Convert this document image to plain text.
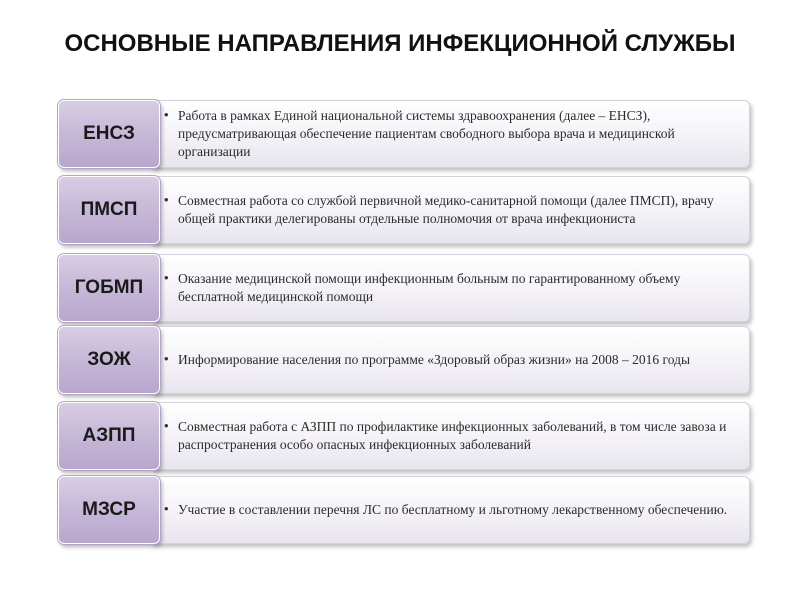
ОСНОВНЫЕ НАПРАВЛЕНИЯ ИНФЕКЦИОННОЙ СЛУЖБЫ
• Работа в рамках Единой национальной системы здравоохранения (далее – ЕНСЗ), предусматривающая обеспечение пациентам свободного выбора врача и медицинской организации
ЕНСЗ
• Совместная работа со службой первичной медико-санитарной помощи (далее ПМСП), врачу общей практики делегированы отдельные полномочия от врача инфекциониста
ПМСП
• Оказание медицинской помощи инфекционным больным по гарантированному объему бесплатной медицинской помощи
ГОБМП
• Информирование населения по программе «Здоровый образ жизни» на 2008 – 2016 годы
ЗОЖ
• Совместная работа с АЗПП по профилактике инфекционных заболеваний, в том числе завоза и распространения особо опасных инфекционных заболеваний
АЗПП
• Участие в составлении перечня ЛС по бесплатному и льготному лекарственному обеспечению.
МЗСР
